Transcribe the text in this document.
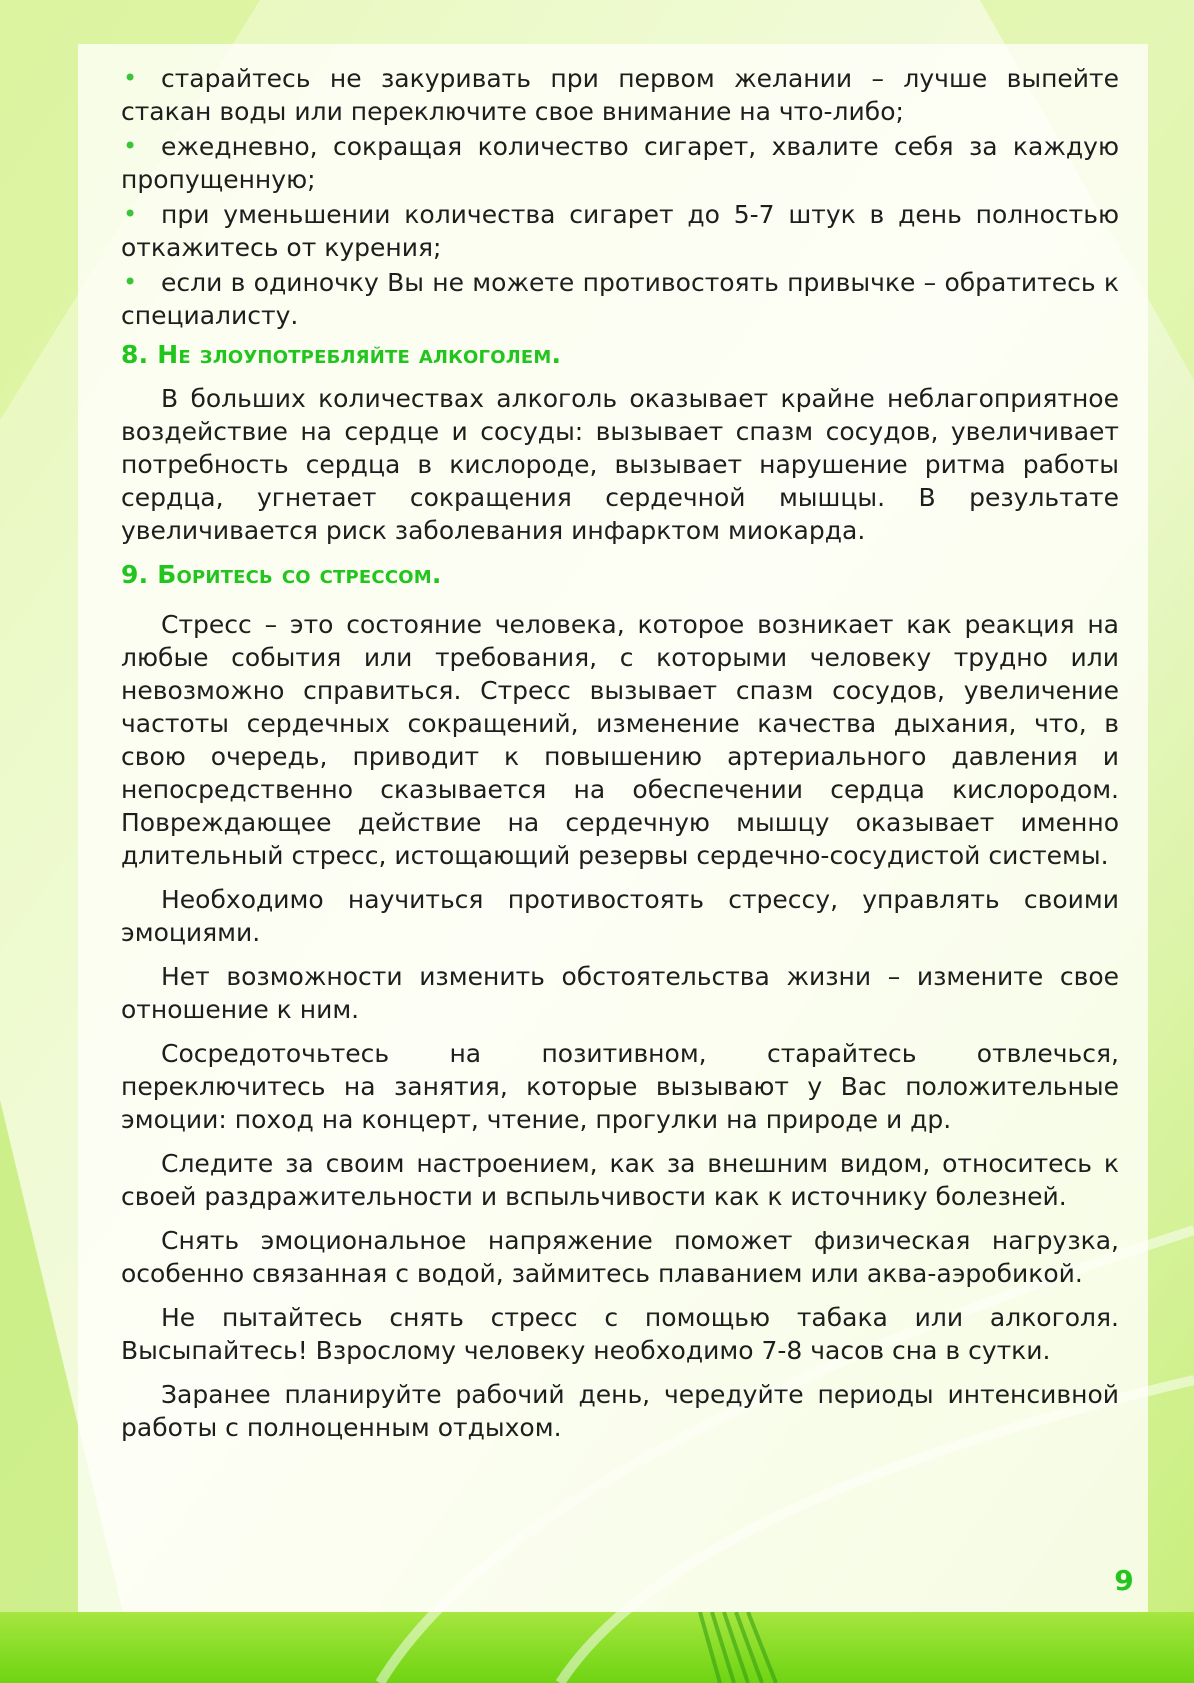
• старайтесь не закуривать при первом желании – лучше выпейте стакан воды или переключите свое внимание на что-либо;
• ежедневно, сокращая количество сигарет, хвалите себя за каждую пропущенную;
• при уменьшении количества сигарет до 5-7 штук в день полностью откажитесь от курения;
• если в одиночку Вы не можете противостоять привычке – обратитесь к специалисту.
8. Не злоупотребляйте алкоголем.

В больших количествах алкоголь оказывает крайне неблагоприятное воздействие на сердце и сосуды: вызывает спазм сосудов, увеличивает потребность сердца в кислороде, вызывает нарушение ритма работы сердца, угнетает сокращения сердечной мышцы. В результате увеличивается риск заболевания инфарктом миокарда.

9. Боритесь со стрессом.

Стресс – это состояние человека, которое возникает как реакция на любые события или требования, с которыми человеку трудно или невозможно справиться. Стресс вызывает спазм сосудов, увеличение частоты сердечных сокращений, изменение качества дыхания, что, в свою очередь, приводит к повышению артериального давления и непосредственно сказывается на обеспечении сердца кислородом. Повреждающее действие на сердечную мышцу оказывает именно длительный стресс, истощающий резервы сердечно-сосудистой системы.

Необходимо научиться противостоять стрессу, управлять своими эмоциями.

Нет возможности изменить обстоятельства жизни – измените свое отношение к ним.

Сосредоточьтесь на позитивном, старайтесь отвлечься, переключитесь на занятия, которые вызывают у Вас положительные эмоции: поход на концерт, чтение, прогулки на природе и др.

Следите за своим настроением, как за внешним видом, относитесь к своей раздражительности и вспыльчивости как к источнику болезней.

Снять эмоциональное напряжение поможет физическая нагрузка, особенно связанная с водой, займитесь плаванием или аква-аэробикой.

Не пытайтесь снять стресс с помощью табака или алкоголя. Высыпайтесь! Взрослому человеку необходимо 7-8 часов сна в сутки.

Заранее планируйте рабочий день, чередуйте периоды интенсивной работы с полноценным отдыхом.

9
